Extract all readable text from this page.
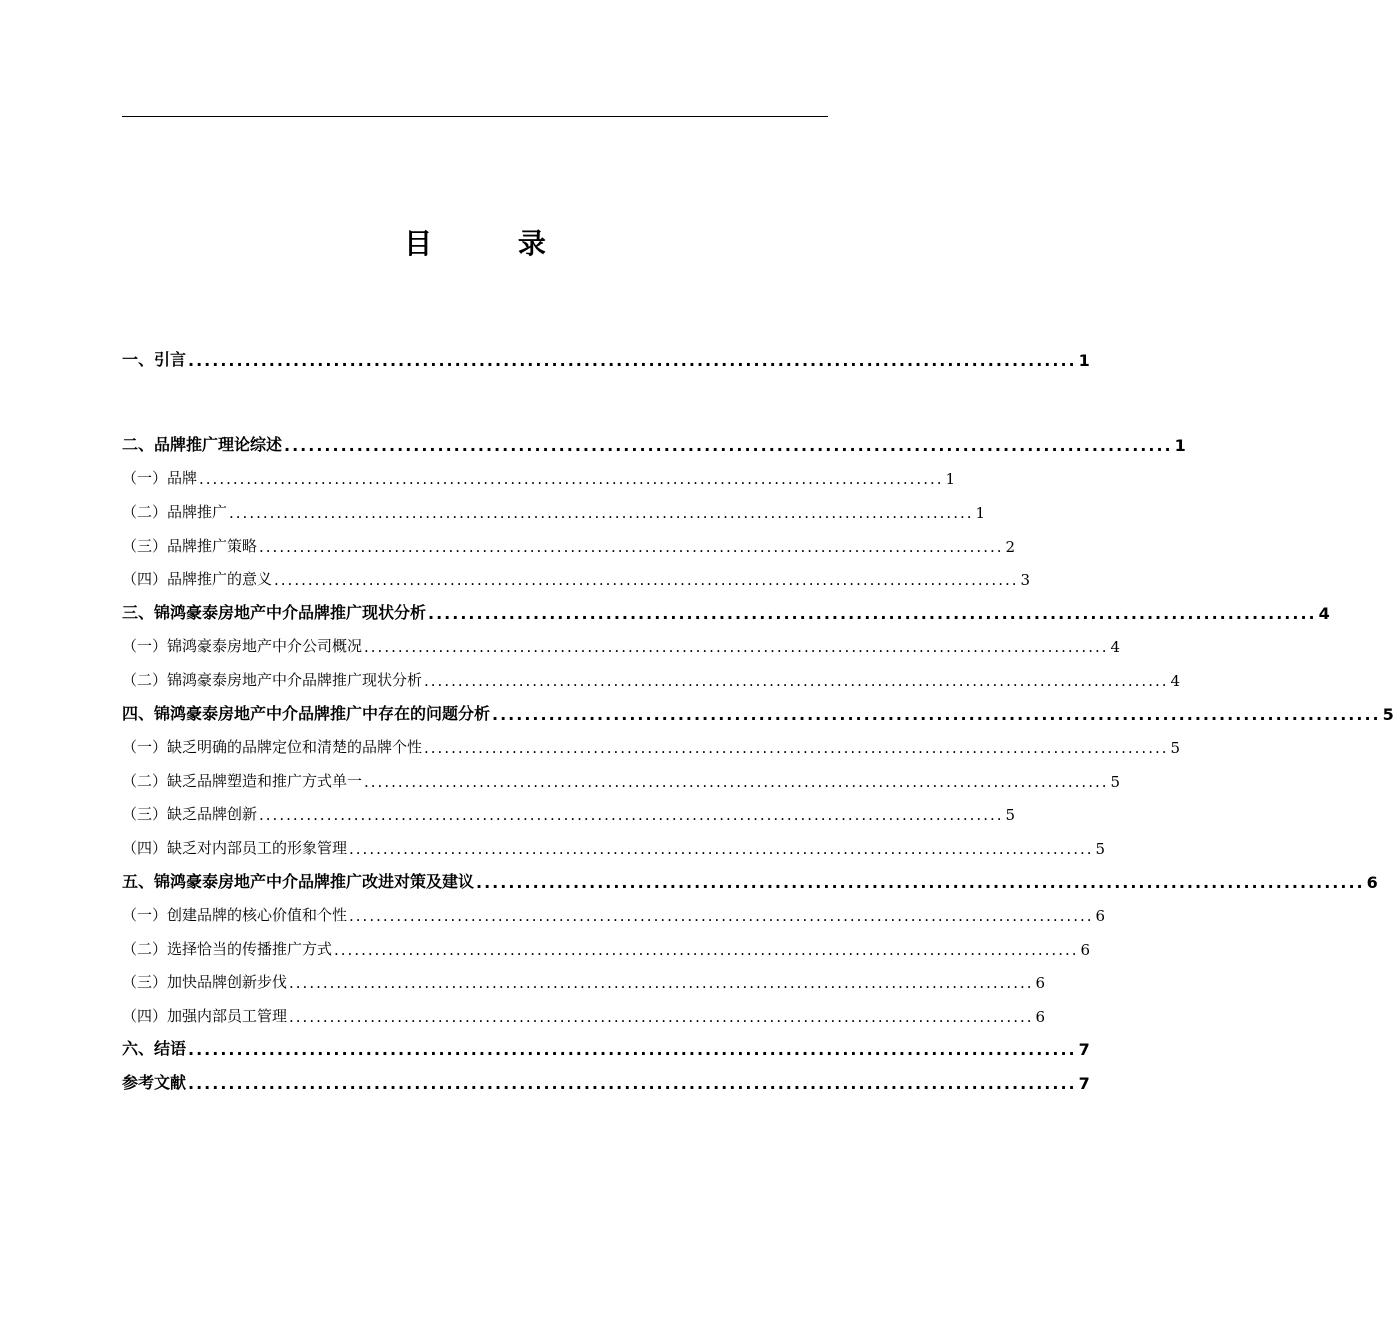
目 录
一、引言 .............................................................................................................. 1
二、品牌推广理论综述 .............................................................................................................. 1
（一）品牌 .............................................................................................................. 1
（二）品牌推广 .............................................................................................................. 1
（三）品牌推广策略 .............................................................................................................. 2
（四）品牌推广的意义 .............................................................................................................. 3
三、锦鸿豪泰房地产中介品牌推广现状分析 .............................................................................................................. 4
（一）锦鸿豪泰房地产中介公司概况 .............................................................................................................. 4
（二）锦鸿豪泰房地产中介品牌推广现状分析 .............................................................................................................. 4
四、锦鸿豪泰房地产中介品牌推广中存在的问题分析 .............................................................................................................. 5
（一）缺乏明确的品牌定位和清楚的品牌个性 .............................................................................................................. 5
（二）缺乏品牌塑造和推广方式单一 .............................................................................................................. 5
（三）缺乏品牌创新 .............................................................................................................. 5
（四）缺乏对内部员工的形象管理 .............................................................................................................. 5
五、锦鸿豪泰房地产中介品牌推广改进对策及建议 .............................................................................................................. 6
（一）创建品牌的核心价值和个性 .............................................................................................................. 6
（二）选择恰当的传播推广方式 .............................................................................................................. 6
（三）加快品牌创新步伐 .............................................................................................................. 6
（四）加强内部员工管理 .............................................................................................................. 6
六、结语 .............................................................................................................. 7
参考文献 .............................................................................................................. 7
